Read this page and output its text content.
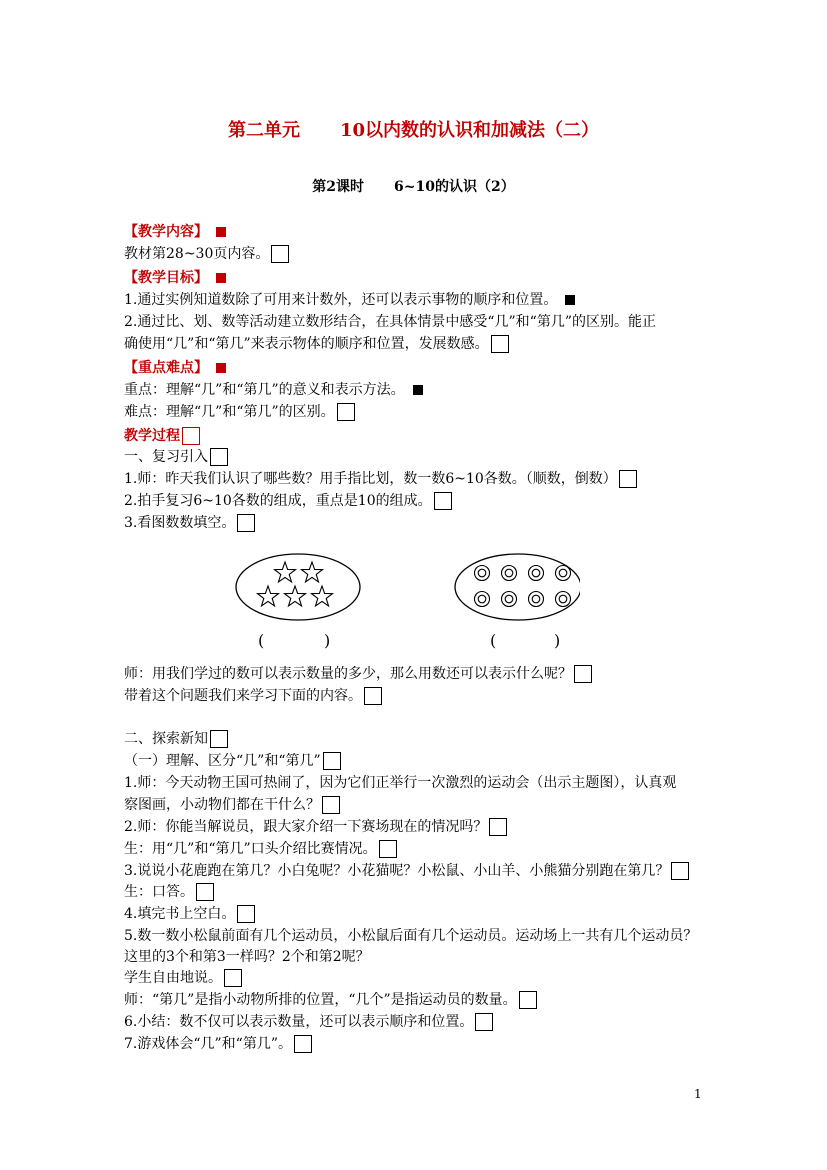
第二单元 10以内数的认识和加减法（二）
第2课时 6~10的认识（2）
【教学内容】
教材第28~30页内容。
【教学目标】
1.通过实例知道数除了可用来计数外，还可以表示事物的顺序和位置。
2.通过比、划、数等活动建立数形结合，在具体情景中感受“几”和“第几”的区别。能正
确使用“几”和“第几”来表示物体的顺序和位置，发展数感。
【重点难点】
重点：理解“几”和“第几”的意义和表示方法。
难点：理解“几”和“第几”的区别。
教学过程
一、复习引入
1.师：昨天我们认识了哪些数？用手指比划，数一数6~10各数。（顺数，倒数）
2.拍手复习6~10各数的组成，重点是10的组成。
3.看图数数填空。
(	)	(	)
师：用我们学过的数可以表示数量的多少，那么用数还可以表示什么呢？
带着这个问题我们来学习下面的内容。
二、探索新知
（一）理解、区分“几”和“第几”
1.师：今天动物王国可热闹了，因为它们正举行一次激烈的运动会（出示主题图），认真观
察图画，小动物们都在干什么？
2.师：你能当解说员，跟大家介绍一下赛场现在的情况吗？
生：用“几”和“第几”口头介绍比赛情况。
3.说说小花鹿跑在第几？小白兔呢？小花猫呢？小松鼠、小山羊、小熊猫分别跑在第几？
生：口答。
4.填完书上空白。
5.数一数小松鼠前面有几个运动员，小松鼠后面有几个运动员。运动场上一共有几个运动员？
这里的3个和第3一样吗？2个和第2呢？
学生自由地说。
师：“第几”是指小动物所排的位置，“几个”是指运动员的数量。
6.小结：数不仅可以表示数量，还可以表示顺序和位置。
7.游戏体会“几”和“第几”。
1
